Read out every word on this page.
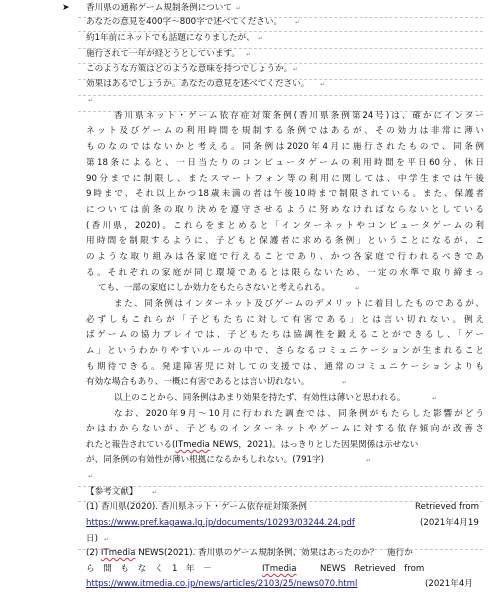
➤ 香川県の通称ゲーム規制条例について ↵
あなたの意見を400字～800字で述べてください。 ↵
約1年前にネットでも話題になりましたが、 ↵
施行されて一年が経とうとしています。 ↵
このような方策はどのような意味を持つでしょうか。 ↵
効果はあるでしょうか。あなたの意見を述べてください。 ↵
↵
香川県ネット・ゲーム依存症対策条例(香川県条例第24号)は、確かにインター
ネット及びゲームの利用時間を規制する条例ではあるが、その効力は非常に薄い
ものなのではないかと考える。同条例は2020年4月に施行されたもので、同条例
第18条によると、一日当たりのコンピュータゲームの利用時間を平日60分、休日
90分までに制限し、またスマートフォン等の利用に関しては、中学生までは午後
9時まで、それ以上かつ18歳未満の者は午後10時まで制限されている。また、保護者
については前条の取り決めを遵守させるように努めなければならないとしている
(香川県，2020)。これらをまとめると「インターネットやコンピュータゲームの利
用時間を制限するように、子どもと保護者に求める条例」ということになるが、こ
のような取り組みは各家庭で行えることであり、かつ各家庭で行われるべきであ
る。それぞれの家庭が同じ環境であるとは限らないため、一定の水準で取り締まっ
ても、一部の家庭にしか効力をもたらさないと考えられる。	↵
また、同条例はインターネット及びゲームのデメリットに着目したものであるが、
必ずしもこれらが「子どもたちに対して有害である」とは言い切れない。例え
ばゲームの協力プレイでは、子どもたちは協調性を鍛えることができるし、「ゲー
ム」というわかりやすいルールの中で、さらなるコミュニケーションが生まれること
も期待できる。発達障害児に対しての支援では、通常のコミュニケーションよりも
有効な場合もあり、一概に有害であるとは言い切れない。	↵
以上のことから、同条例はあまり効果を持たず、有効性は薄いと思われる。	↵
なお、2020年9月～10月に行われた調査では、同条例がもたらした影響がどう
かはわからないが、子どものインターネットやゲームに対する依存傾向が改善さ
れたと報告されている(ITmedia NEWS，2021)。はっきりとした因果関係は示せない
が、同条例の有効性が薄い根拠になるかもしれない。(791字)	↵
↵
【参考文献】 ↵
(1) 香川県(2020). 香川県ネット・ゲーム依存症対策条例	Retrieved from
https://www.pref.kagawa.lg.jp/documents/10293/03244.24.pdf	(2021年4月19
日) ↵
(2) ITmedia NEWS(2021). 香川県のゲーム規制条例、効果はあったのか？　施行か
ら　間　も　な　く　1　年　－	ITmedia	NEWS　Retrieved　from
https://www.itmedia.co.jp/news/articles/2103/25/news070.html	(2021年4月
